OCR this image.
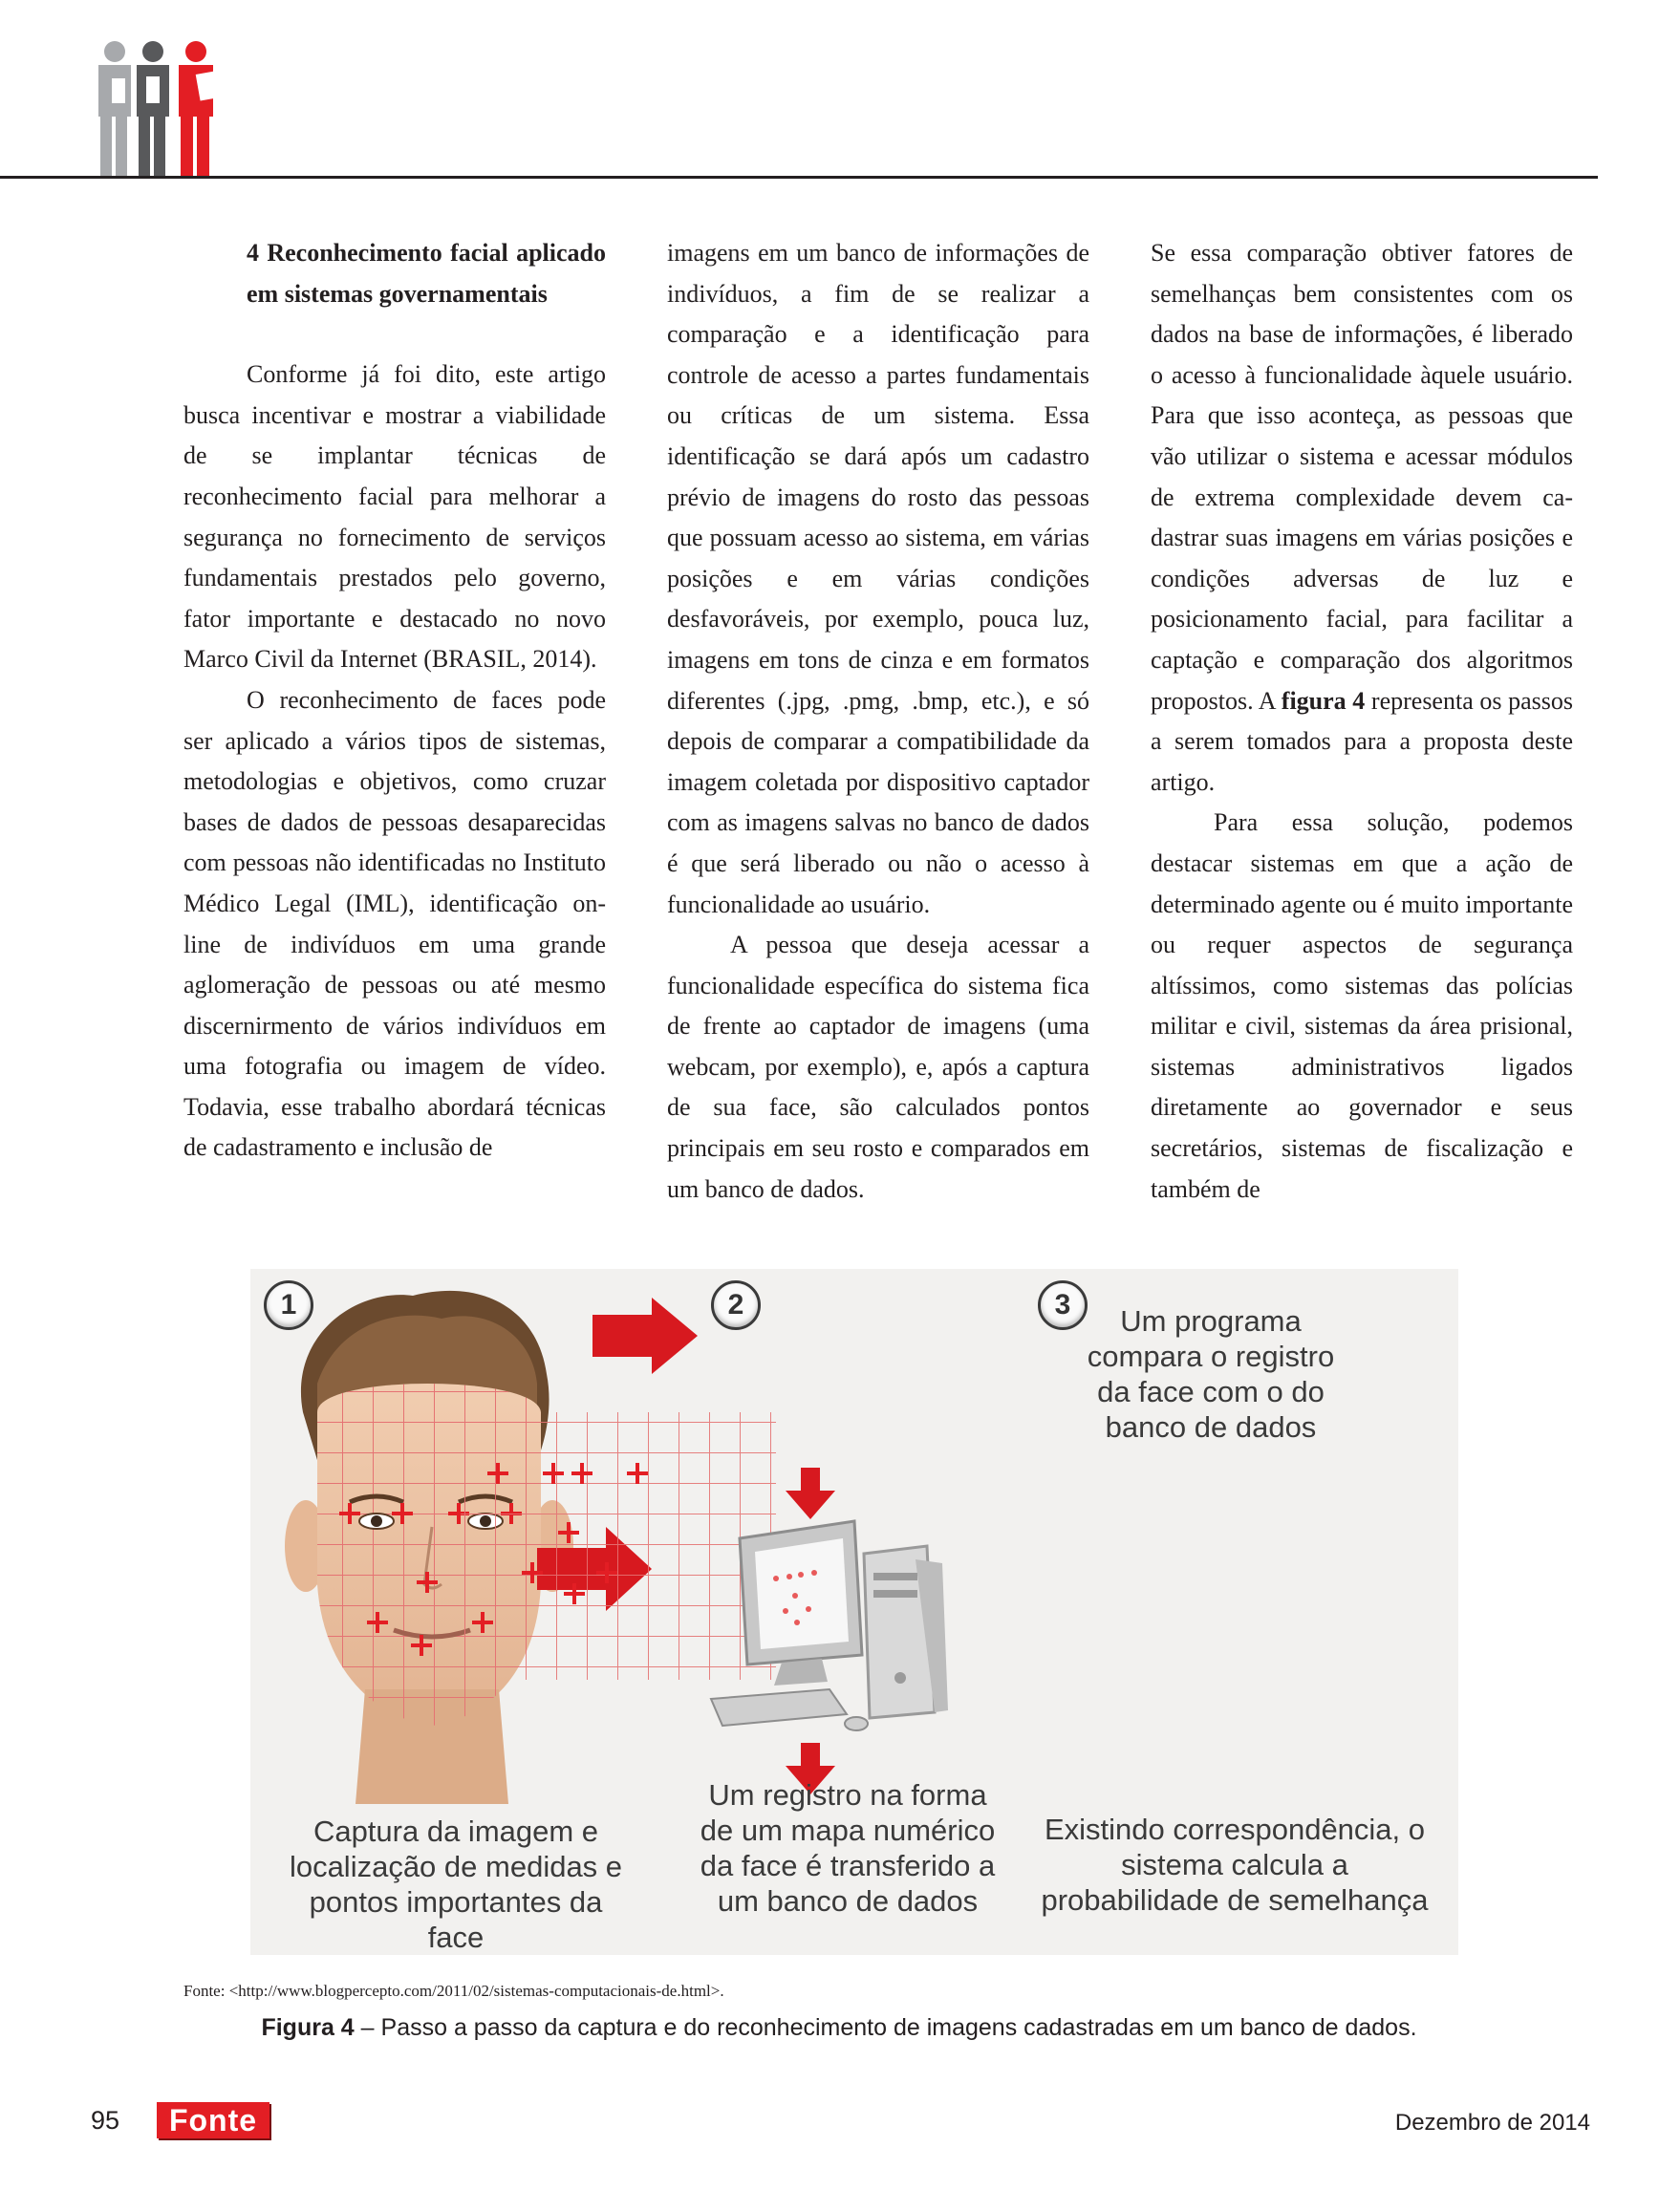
4 Reconhecimento facial aplicado em sistemas governamentais

Conforme já foi dito, este artigo busca incentivar e mostrar a viabilidade de se implantar técnicas de reconhecimento facial para melhorar a segurança no fornecimento de serviços fundamentais prestados pelo governo, fator importante e destacado no novo Marco Civil da Internet (BRASIL, 2014).

O reconhecimento de faces pode ser aplicado a vários tipos de sistemas, metodologias e objetivos, como cruzar bases de dados de pessoas desaparecidas com pessoas não identificadas no Instituto Médico Legal (IML), identificação on-line de indivíduos em uma grande aglomeração de pessoas ou até mesmo discernirmento de vários indivíduos em uma fotografia ou imagem de vídeo. Todavia, esse trabalho abordará técnicas de cadastramento e inclusão de

imagens em um banco de informações de indivíduos, a fim de se realizar a comparação e a identificação para controle de acesso a partes fundamentais ou críticas de um sistema. Essa identificação se dará após um cadastro prévio de imagens do rosto das pessoas que possuam acesso ao sistema, em várias posições e em várias condições desfavoráveis, por exemplo, pouca luz, imagens em tons de cinza e em formatos diferentes (.jpg, .pmg, .bmp, etc.), e só depois de comparar a compatibilidade da imagem coletada por dispositivo captador com as imagens salvas no banco de dados é que será liberado ou não o acesso à funcionalidade ao usuário.

A pessoa que deseja acessar a funcionalidade específica do sistema fica de frente ao captador de imagens (uma webcam, por exemplo), e, após a captura de sua face, são calculados pontos principais em seu rosto e comparados em um banco de dados.

Se essa comparação obtiver fatores de semelhanças bem consistentes com os dados na base de informações, é liberado o acesso à funcionalidade àquele usuário. Para que isso aconteça, as pessoas que vão utilizar o sistema e acessar módulos de extrema complexidade devem cadastrar suas imagens em várias posições e condições adversas de luz e posicionamento facial, para facilitar a captação e comparação dos algoritmos propostos. A figura 4 representa os passos a serem tomados para a proposta deste artigo.

Para essa solução, podemos destacar sistemas em que a ação de determinado agente ou é muito importante ou requer aspectos de segurança altíssimos, como sistemas das polícias militar e civil, sistemas da área prisional, sistemas administrativos ligados diretamente ao governador e seus secretários, sistemas de fiscalização e também de

1	2	3	Um programa compara o registro da face com o do banco de dados
Captura da imagem e localização de medidas e pontos importantes da face
Um registro na forma de um mapa numérico da face é transferido a um banco de dados
Existindo correspondência, o sistema calcula a probabilidade de semelhança
Fonte: <http://www.blogpercepto.com/2011/02/sistemas-computacionais-de.html>.
Figura 4 – Passo a passo da captura e do reconhecimento de imagens cadastradas em um banco de dados.
95	Fonte	Dezembro de 2014
